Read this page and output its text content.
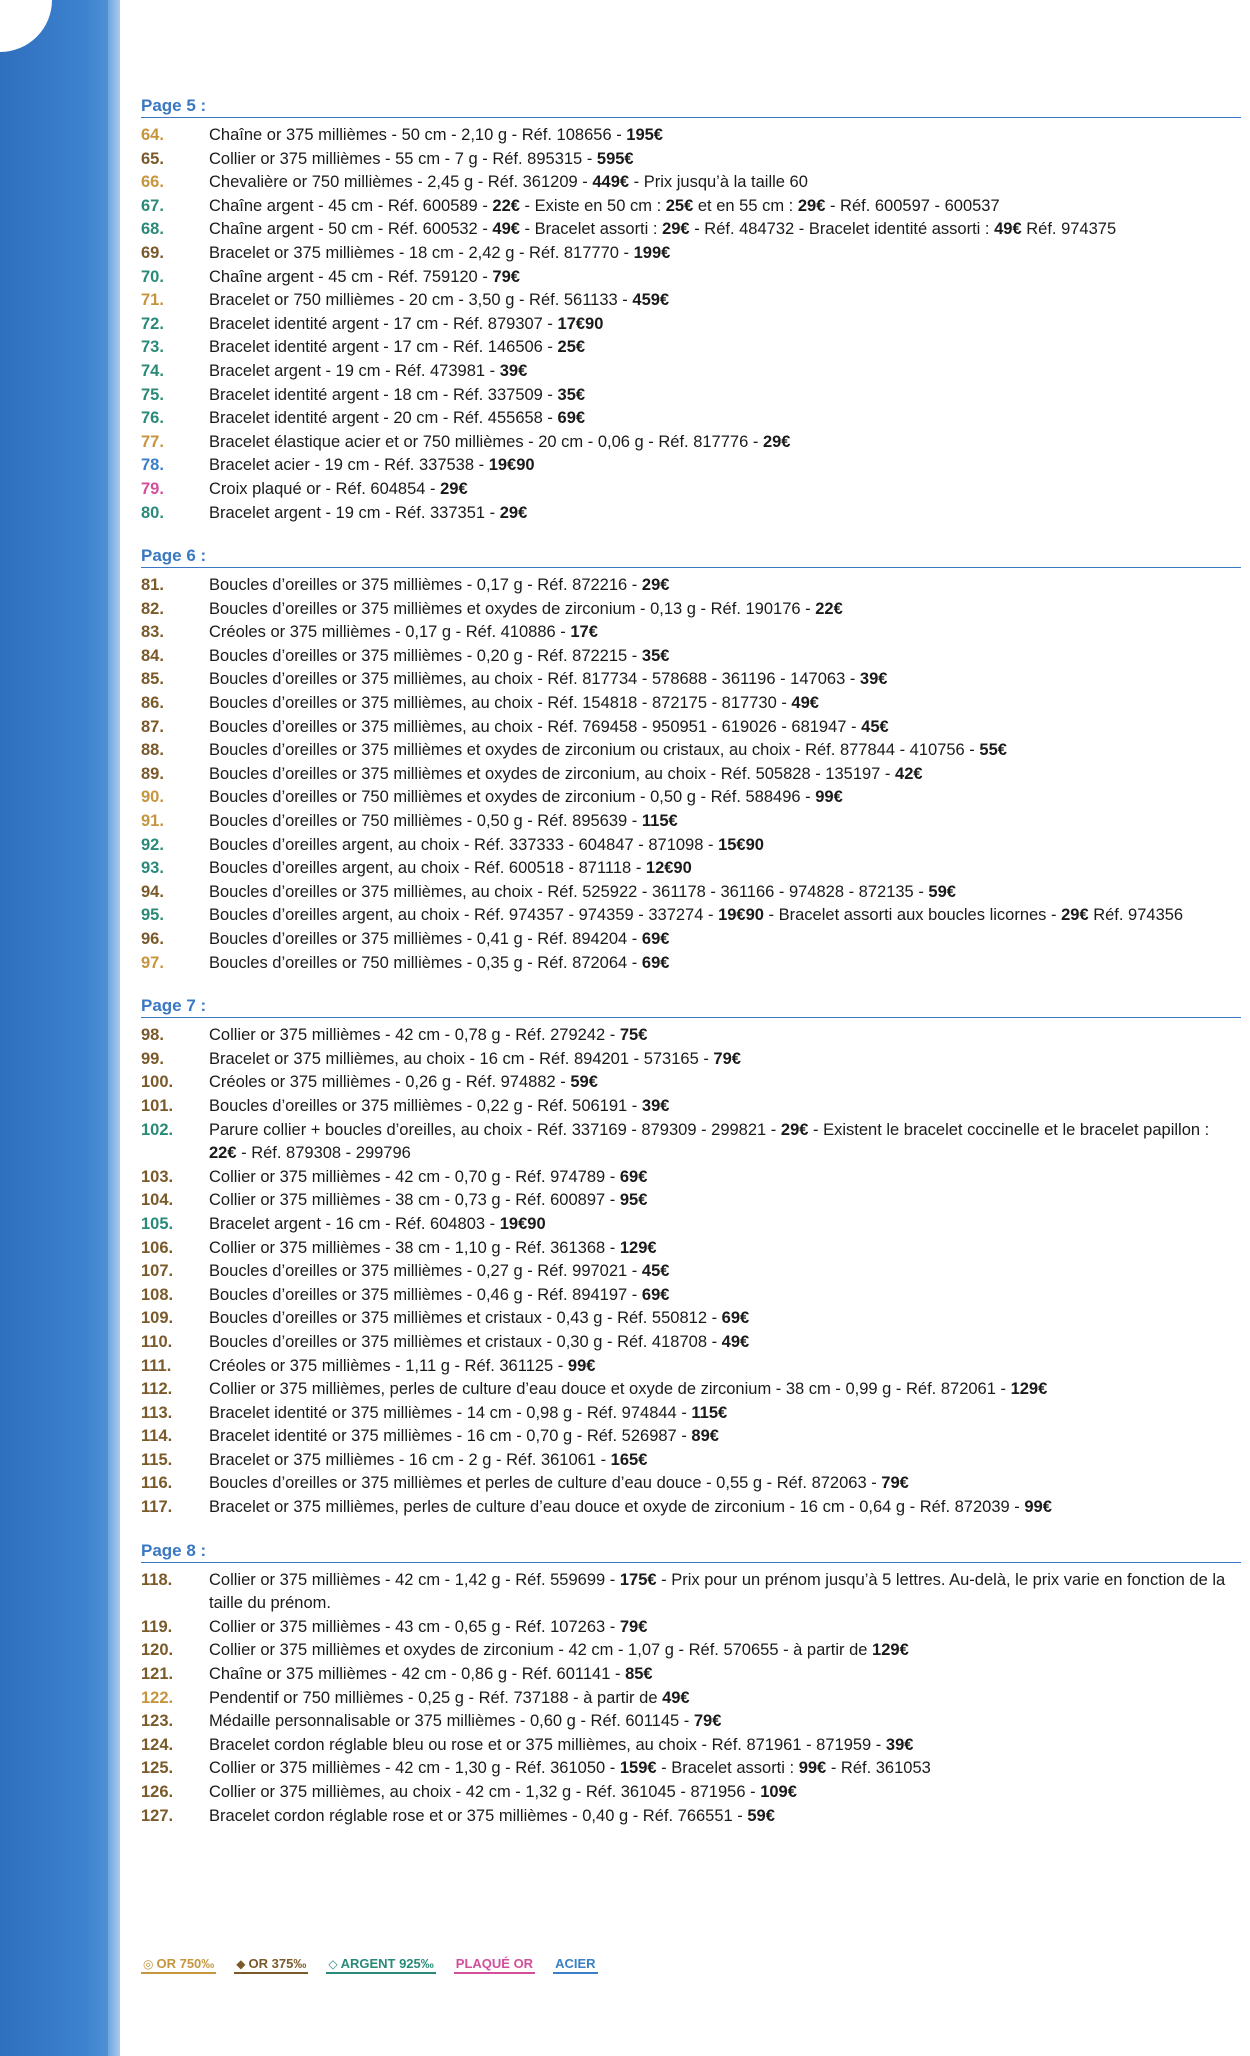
Page 5 :
64.	Chaîne or 375 millièmes - 50 cm - 2,10 g - Réf. 108656 - 195€
65.	Collier or 375 millièmes - 55 cm - 7 g - Réf. 895315 - 595€
66.	Chevalière or 750 millièmes - 2,45 g - Réf. 361209 - 449€ - Prix jusqu’à la taille 60
67.	Chaîne argent - 45 cm - Réf. 600589 - 22€ - Existe en 50 cm : 25€ et en 55 cm : 29€ - Réf. 600597 - 600537
68.	Chaîne argent - 50 cm - Réf. 600532 - 49€ - Bracelet assorti : 29€ - Réf. 484732 - Bracelet identité assorti : 49€ Réf. 974375
69.	Bracelet or 375 millièmes - 18 cm - 2,42 g - Réf. 817770 - 199€
70.	Chaîne argent - 45 cm - Réf. 759120 - 79€
71.	Bracelet or 750 millièmes - 20 cm - 3,50 g - Réf. 561133 - 459€
72.	Bracelet identité argent - 17 cm - Réf. 879307 - 17€90
73.	Bracelet identité argent - 17 cm - Réf. 146506 - 25€
74.	Bracelet argent - 19 cm - Réf. 473981 - 39€
75.	Bracelet identité argent - 18 cm - Réf. 337509 - 35€
76.	Bracelet identité argent - 20 cm - Réf. 455658 - 69€
77.	Bracelet élastique acier et or 750 millièmes - 20 cm - 0,06 g - Réf. 817776 - 29€
78.	Bracelet acier - 19 cm - Réf. 337538 - 19€90
79.	Croix plaqué or - Réf. 604854 - 29€
80.	Bracelet argent - 19 cm - Réf. 337351 - 29€
Page 6 :
81.	Boucles d’oreilles or 375 millièmes - 0,17 g - Réf. 872216 - 29€
82.	Boucles d’oreilles or 375 millièmes et oxydes de zirconium - 0,13 g - Réf. 190176 - 22€
83.	Créoles or 375 millièmes - 0,17 g - Réf. 410886 - 17€
84.	Boucles d’oreilles or 375 millièmes - 0,20 g - Réf. 872215 - 35€
85.	Boucles d’oreilles or 375 millièmes, au choix - Réf. 817734 - 578688 - 361196 - 147063 - 39€
86.	Boucles d’oreilles or 375 millièmes, au choix - Réf. 154818 - 872175 - 817730 - 49€
87.	Boucles d’oreilles or 375 millièmes, au choix - Réf. 769458 - 950951 - 619026 - 681947 - 45€
88.	Boucles d’oreilles or 375 millièmes et oxydes de zirconium ou cristaux, au choix - Réf. 877844 - 410756 - 55€
89.	Boucles d’oreilles or 375 millièmes et oxydes de zirconium, au choix - Réf. 505828 - 135197 - 42€
90.	Boucles d’oreilles or 750 millièmes et oxydes de zirconium - 0,50 g - Réf. 588496 - 99€
91.	Boucles d’oreilles or 750 millièmes - 0,50 g - Réf. 895639 - 115€
92.	Boucles d’oreilles argent, au choix - Réf. 337333 - 604847 - 871098 - 15€90
93.	Boucles d’oreilles argent, au choix - Réf. 600518 - 871118 - 12€90
94.	Boucles d’oreilles or 375 millièmes, au choix - Réf. 525922 - 361178 - 361166 - 974828 - 872135 - 59€
95.	Boucles d’oreilles argent, au choix - Réf. 974357 - 974359 - 337274 - 19€90 - Bracelet assorti aux boucles licornes - 29€ Réf. 974356
96.	Boucles d’oreilles or 375 millièmes - 0,41 g - Réf. 894204 - 69€
97.	Boucles d’oreilles or 750 millièmes - 0,35 g - Réf. 872064 - 69€
Page 7 :
98.	Collier or 375 millièmes - 42 cm - 0,78 g - Réf. 279242 - 75€
99.	Bracelet or 375 millièmes, au choix - 16 cm - Réf. 894201 - 573165 - 79€
100.	Créoles or 375 millièmes - 0,26 g - Réf. 974882 - 59€
101.	Boucles d’oreilles or 375 millièmes - 0,22 g - Réf. 506191 - 39€
102.	Parure collier + boucles d’oreilles, au choix - Réf. 337169 - 879309 - 299821 - 29€ - Existent le bracelet coccinelle et le bracelet papillon : 22€ - Réf. 879308 - 299796
103.	Collier or 375 millièmes - 42 cm - 0,70 g - Réf. 974789 - 69€
104.	Collier or 375 millièmes - 38 cm - 0,73 g - Réf. 600897 - 95€
105.	Bracelet argent - 16 cm - Réf. 604803 - 19€90
106.	Collier or 375 millièmes - 38 cm - 1,10 g - Réf. 361368 - 129€
107.	Boucles d’oreilles or 375 millièmes - 0,27 g - Réf. 997021 - 45€
108.	Boucles d’oreilles or 375 millièmes - 0,46 g - Réf. 894197 - 69€
109.	Boucles d’oreilles or 375 millièmes et cristaux - 0,43 g - Réf. 550812 - 69€
110.	Boucles d’oreilles or 375 millièmes et cristaux - 0,30 g - Réf. 418708 - 49€
111.	Créoles or 375 millièmes - 1,11 g - Réf. 361125 - 99€
112.	Collier or 375 millièmes, perles de culture d’eau douce et oxyde de zirconium - 38 cm - 0,99 g - Réf. 872061 - 129€
113.	Bracelet identité or 375 millièmes - 14 cm - 0,98 g - Réf. 974844 - 115€
114.	Bracelet identité or 375 millièmes - 16 cm - 0,70 g - Réf. 526987 - 89€
115.	Bracelet or 375 millièmes - 16 cm - 2 g - Réf. 361061 - 165€
116.	Boucles d’oreilles or 375 millièmes et perles de culture d’eau douce - 0,55 g - Réf. 872063 - 79€
117.	Bracelet or 375 millièmes, perles de culture d’eau douce et oxyde de zirconium - 16 cm - 0,64 g - Réf. 872039 - 99€
Page 8 :
118.	Collier or 375 millièmes - 42 cm - 1,42 g - Réf. 559699 - 175€ - Prix pour un prénom jusqu’à 5 lettres. Au-delà, le prix varie en fonction de la taille du prénom.
119.	Collier or 375 millièmes - 43 cm - 0,65 g - Réf. 107263 - 79€
120.	Collier or 375 millièmes et oxydes de zirconium - 42 cm - 1,07 g - Réf. 570655 - à partir de 129€
121.	Chaîne or 375 millièmes - 42 cm - 0,86 g - Réf. 601141 - 85€
122.	Pendentif or 750 millièmes - 0,25 g - Réf. 737188 - à partir de 49€
123.	Médaille personnalisable or 375 millièmes - 0,60 g - Réf. 601145 - 79€
124.	Bracelet cordon réglable bleu ou rose et or 375 millièmes, au choix - Réf. 871961 - 871959 - 39€
125.	Collier or 375 millièmes - 42 cm - 1,30 g - Réf. 361050 - 159€ - Bracelet assorti : 99€ - Réf. 361053
126.	Collier or 375 millièmes, au choix - 42 cm - 1,32 g - Réf. 361045 - 871956 - 109€
127.	Bracelet cordon réglable rose et or 375 millièmes - 0,40 g - Réf. 766551 - 59€
◎ OR 750‰ ◆ OR 375‰ ◇ ARGENT 925‰ PLAQUÉ OR ACIER
